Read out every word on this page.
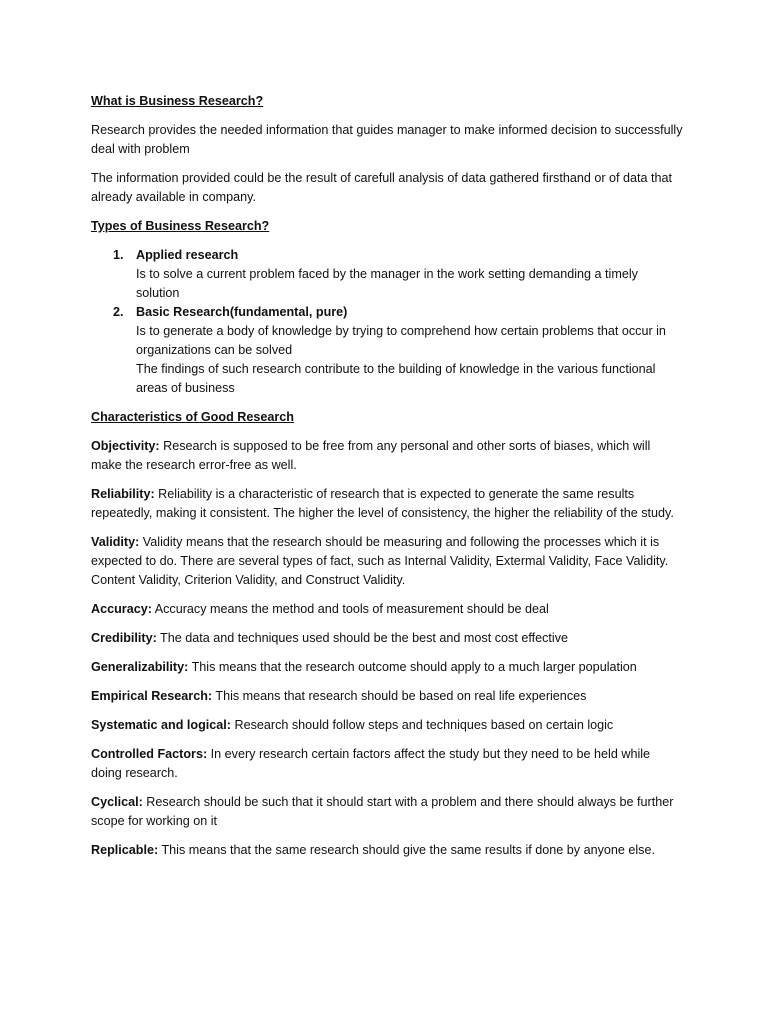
What is Business Research?

Research provides the needed information that guides manager to make informed decision to successfully deal with problem

The information provided could be the result of carefull analysis of data gathered firsthand or of data that already available in company.

Types of Business Research?
1. Applied research
Is to solve a current problem faced by the manager in the work setting demanding a timely solution
2. Basic Research(fundamental, pure)
Is to generate a body of knowledge by trying to comprehend how certain problems that occur in organizations can be solved
The findings of such research contribute to the building of knowledge in the various functional areas of business
Characteristics of Good Research

Objectivity: Research is supposed to be free from any personal and other sorts of biases, which will make the research error-free as well.

Reliability: Reliability is a characteristic of research that is expected to generate the same results repeatedly, making it consistent. The higher the level of consistency, the higher the reliability of the study.

Validity: Validity means that the research should be measuring and following the processes which it is expected to do. There are several types of fact, such as Internal Validity, Extermal Validity, Face Validity. Content Validity, Criterion Validity, and Construct Validity.

Accuracy: Accuracy means the method and tools of measurement should be deal

Credibility: The data and techniques used should be the best and most cost effective

Generalizability: This means that the research outcome should apply to a much larger population

Empirical Research: This means that research should be based on real life experiences

Systematic and logical: Research should follow steps and techniques based on certain logic

Controlled Factors: In every research certain factors affect the study but they need to be held while doing research.

Cyclical: Research should be such that it should start with a problem and there should always be further scope for working on it

Replicable: This means that the same research should give the same results if done by anyone else.
